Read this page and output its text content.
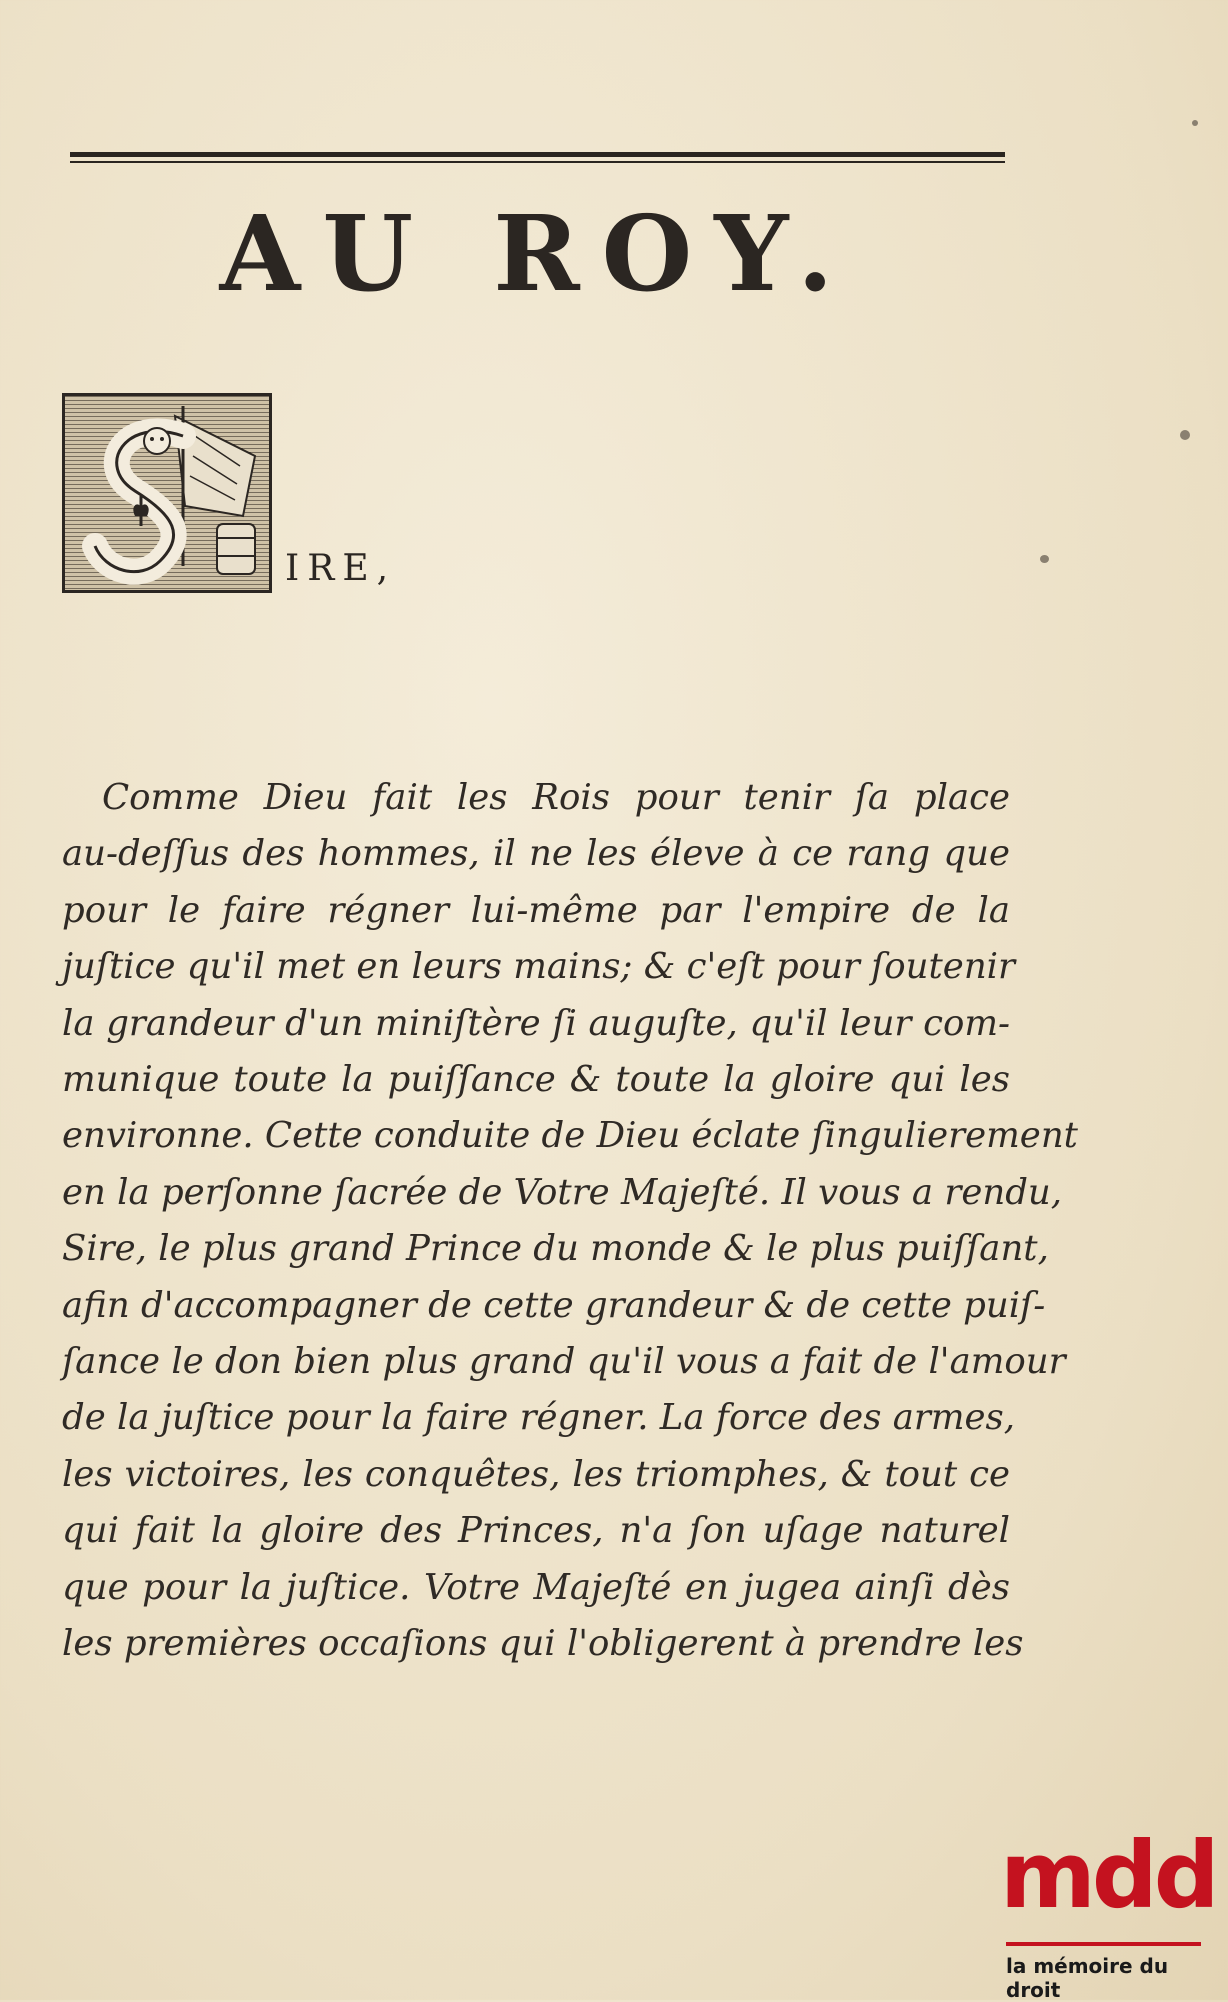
AU ROY.
IRE,
Comme Dieu fait les Rois pour tenir ſa place
au-deſſus des hommes, il ne les éleve à ce rang que
pour le faire régner lui-même par l'empire de la
juſtice qu'il met en leurs mains; & c'eſt pour ſoutenir
la grandeur d'un miniſtère ſi auguſte, qu'il leur com-
munique toute la puiſſance & toute la gloire qui les
environne. Cette conduite de Dieu éclate ſingulierement
en la perſonne ſacrée de Votre Majeſté. Il vous a rendu,
Sire, le plus grand Prince du monde & le plus puiſſant,
afin d'accompagner de cette grandeur & de cette puiſ-
ſance le don bien plus grand qu'il vous a fait de l'amour
de la juſtice pour la faire régner. La force des armes,
les victoires, les conquêtes, les triomphes, & tout ce
qui fait la gloire des Princes, n'a ſon uſage naturel
que pour la juſtice. Votre Majeſté en jugea ainſi dès
les premières occaſions qui l'obligerent à prendre les
mdd
la mémoire du droit
